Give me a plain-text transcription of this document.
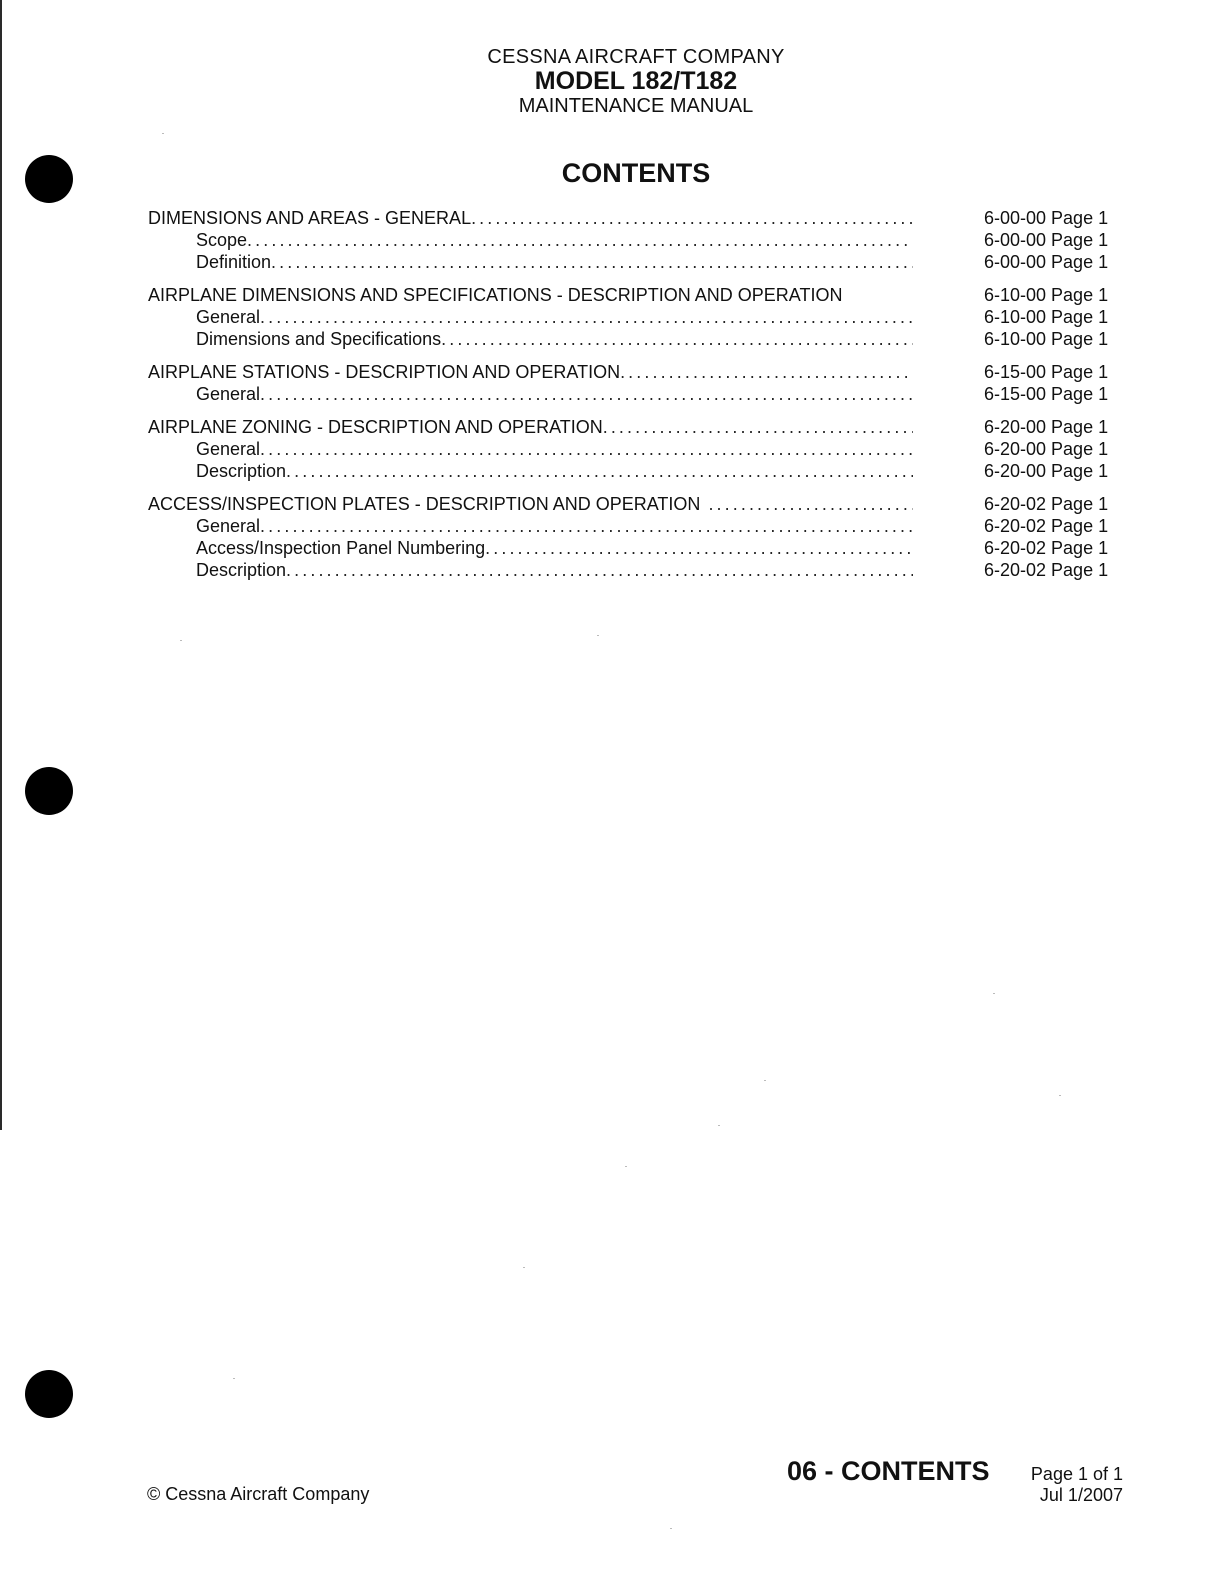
CESSNA AIRCRAFT COMPANY
MODEL 182/T182
MAINTENANCE MANUAL
CONTENTS
DIMENSIONS AND AREAS - GENERAL .....	6-00-00 Page 1
Scope .....	6-00-00 Page 1
Definition .....	6-00-00 Page 1
AIRPLANE DIMENSIONS AND SPECIFICATIONS - DESCRIPTION AND OPERATION	6-10-00 Page 1
General .....	6-10-00 Page 1
Dimensions and Specifications .....	6-10-00 Page 1
AIRPLANE STATIONS - DESCRIPTION AND OPERATION .....	6-15-00 Page 1
General .....	6-15-00 Page 1
AIRPLANE ZONING - DESCRIPTION AND OPERATION .....	6-20-00 Page 1
General .....	6-20-00 Page 1
Description .....	6-20-00 Page 1
ACCESS/INSPECTION PLATES - DESCRIPTION AND OPERATION .....	6-20-02 Page 1
General .....	6-20-02 Page 1
Access/Inspection Panel Numbering .....	6-20-02 Page 1
Description .....	6-20-02 Page 1
© Cessna Aircraft Company
06 - CONTENTS	Page 1 of 1
Jul 1/2007
